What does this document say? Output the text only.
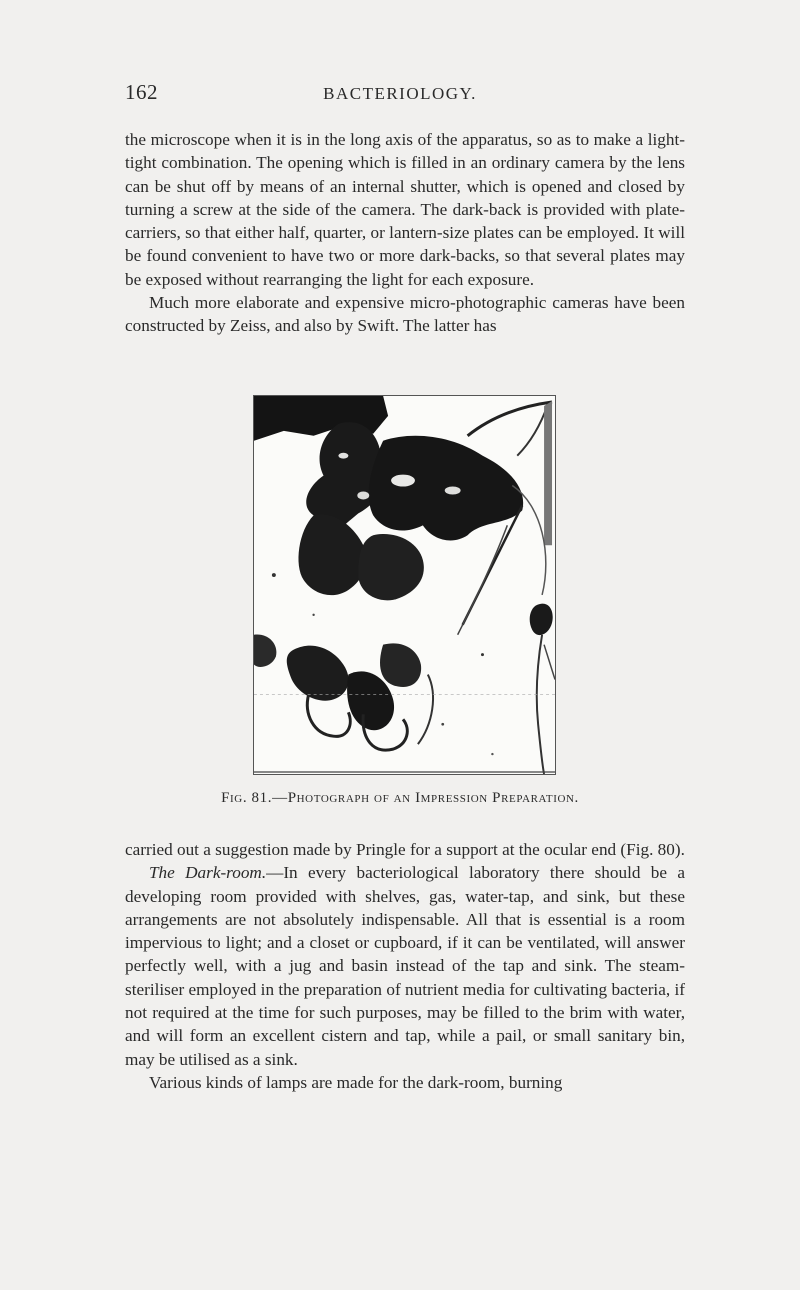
162	BACTERIOLOGY.

the microscope when it is in the long axis of the apparatus, so as to make a light-tight combination. The opening which is filled in an ordinary camera by the lens can be shut off by means of an internal shutter, which is opened and closed by turning a screw at the side of the camera. The dark-back is provided with plate-carriers, so that either half, quarter, or lantern-size plates can be employed. It will be found convenient to have two or more dark-backs, so that several plates may be exposed without rearranging the light for each exposure.

Much more elaborate and expensive micro-photographic cameras have been constructed by Zeiss, and also by Swift. The latter has

Fig. 81.—Photograph of an Impression Preparation.

carried out a suggestion made by Pringle for a support at the ocular end (Fig. 80).

The Dark-room.—In every bacteriological laboratory there should be a developing room provided with shelves, gas, water-tap, and sink, but these arrangements are not absolutely indispensable. All that is essential is a room impervious to light; and a closet or cupboard, if it can be ventilated, will answer perfectly well, with a jug and basin instead of the tap and sink. The steam-steriliser employed in the preparation of nutrient media for cultivating bacteria, if not required at the time for such purposes, may be filled to the brim with water, and will form an excellent cistern and tap, while a pail, or small sanitary bin, may be utilised as a sink.

Various kinds of lamps are made for the dark-room, burning
